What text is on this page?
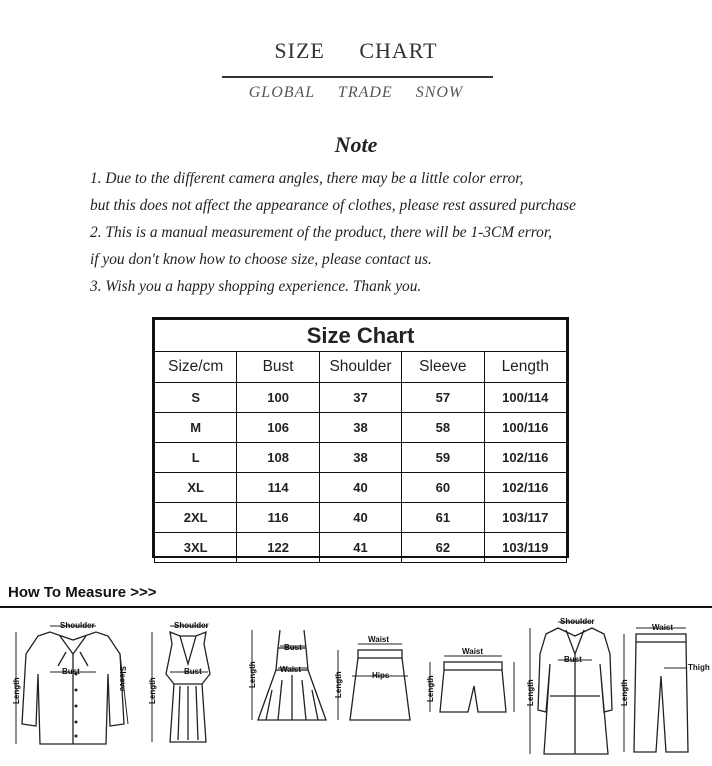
SIZE CHART
GLOBAL TRADE SNOW
Note
1. Due to the different camera angles, there may be a little color error,
but this does not affect the appearance of clothes, please rest assured purchase
2. This is a manual measurement of the product, there will be 1-3CM error,
if you don't know how to choose size, please contact us.
3. Wish you a happy shopping experience. Thank you.
Size Chart				
Size/cm	Bust	Shoulder	Sleeve	Length
S	100	37	57	100/114
M	106	38	58	100/116
L	108	38	59	102/116
XL	114	40	60	102/116
2XL	116	40	61	103/117
3XL	122	41	62	103/119
How To Measure >>>
Shoulder
Bust
Length	Sleeve
Shoulder
Bust
Length
Bust
Waist
Length
Waist
Hips
Length
Waist
Length
Shoulder
Bust
Length
Waist
Thigh
Length
